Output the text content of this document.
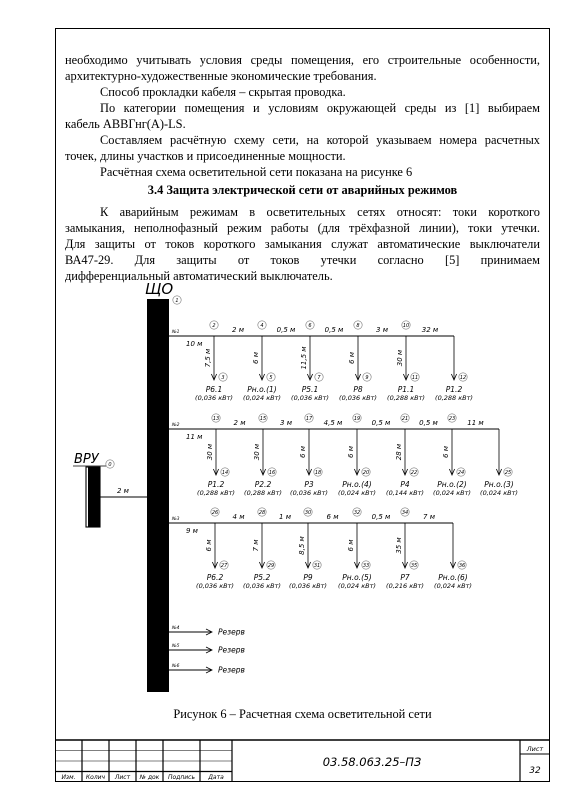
необходимо учитывать условия среды помещения, его строительные особенности,

архитектурно-художественные экономические требования.

Способ прокладки кабеля – скрытая проводка.

По категории помещения и условиям окружающей среды из [1] выбираем

кабель АВВГнг(А)-LS.

Составляем расчётную схему сети, на которой указываем номера расчетных

точек, длины участков и присоединенные мощности.

Расчётная схема осветительной сети показана на рисунке 6

3.4 Защита электрической сети от аварийных режимов

К аварийным режимам в осветительных сетях относят: токи короткого

замыкания, неполнофазный режим работы (для трёхфазной линии), токи утечки.

Для защиты от токов короткого замыкания служат автоматические выключатели

ВА47-29. Для защиты от токов утечки согласно [5] принимаем

дифференциальный автоматический выключатель.

ЩО
1
ВРУ 0
2 м
№1
10 м
2 м	0,5 м	0,5 м	3 м	32 м
2
7,5 м
3
Р6.1
(0,036 кВт)
4
6 м
5
Рн.о.(1)
(0,024 кВт)
6
11,5 м
7
Р5.1
(0,036 кВт)
8
6 м
9
Р8
(0,036 кВт)
10
30 м
11
Р1.1
(0,288 кВт)
12
Р1.2
(0,288 кВт)
№2
11 м
2 м	3 м	4,5 м	0,5 м	0,5 м	11 м
13
30 м
14
Р1.2
(0,288 кВт)
15
30 м
16
Р2.2
(0,288 кВт)
17
6 м
18
Р3
(0,036 кВт)
19
6 м
20
Рн.о.(4)
(0,024 кВт)
21
28 м
22
Р4
(0,144 кВт)
23
6 м
24
Рн.о.(2)
(0,024 кВт)
25
Рн.о.(3)
(0,024 кВт)
№3
9 м
4 м	1 м	6 м	0,5 м	7 м
26
6 м
27
Р6.2
(0,036 кВт)
28
7 м
29
Р5.2
(0,036 кВт)
30
8,5 м
31
Р9
(0,036 кВт)
32
6 м
33
Рн.о.(5)
(0,024 кВт)
34
35 м
35
Р7
(0,216 кВт)
36
Рн.о.(6)
(0,024 кВт)
№4	Резерв
№5	Резерв
№6	Резерв
Рисунок 6 – Расчетная схема осветительной сети
Изм. Колич Лист № док Подпись Дата
03.58.063.25–ПЗ
Лист
32
